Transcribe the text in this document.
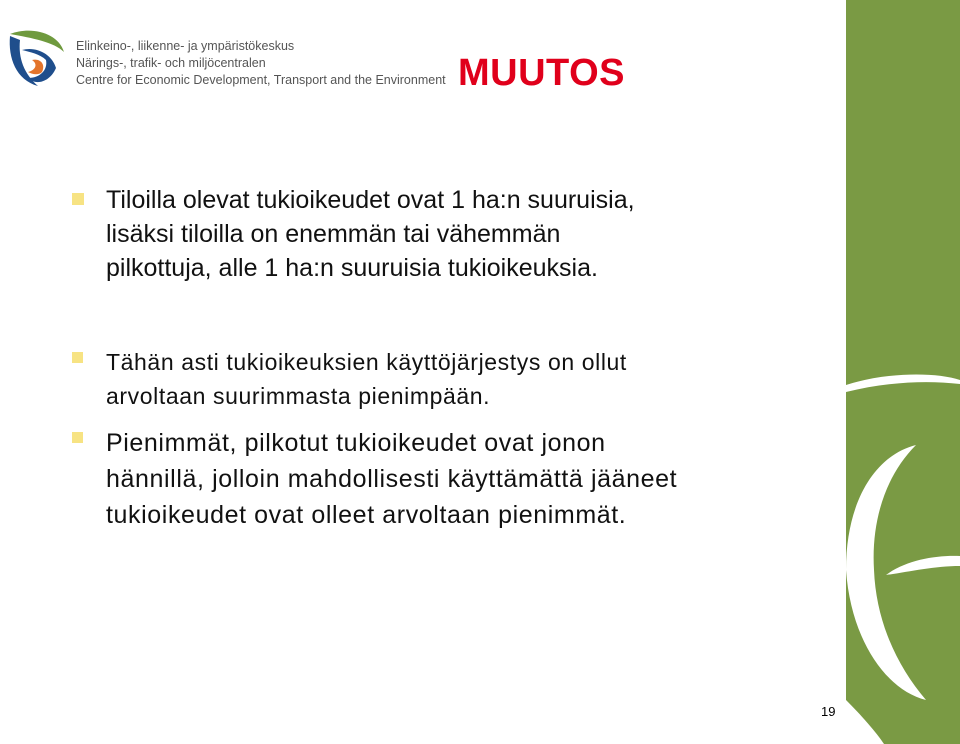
Elinkeino-, liikenne- ja ympäristökeskus
Närings-, trafik- och miljöcentralen
Centre for Economic Development, Transport and the Environment MUUTOS
Tiloilla olevat tukioikeudet ovat 1 ha:n suuruisia,
lisäksi tiloilla on enemmän tai vähemmän
pilkottuja, alle 1 ha:n suuruisia tukioikeuksia.
Tähän asti tukioikeuksien käyttöjärjestys on ollut
arvoltaan suurimmasta pienimpään.
Pienimmät, pilkotut tukioikeudet ovat jonon
hännillä, jolloin mahdollisesti käyttämättä jääneet
tukioikeudet ovat olleet arvoltaan pienimmät.
19
